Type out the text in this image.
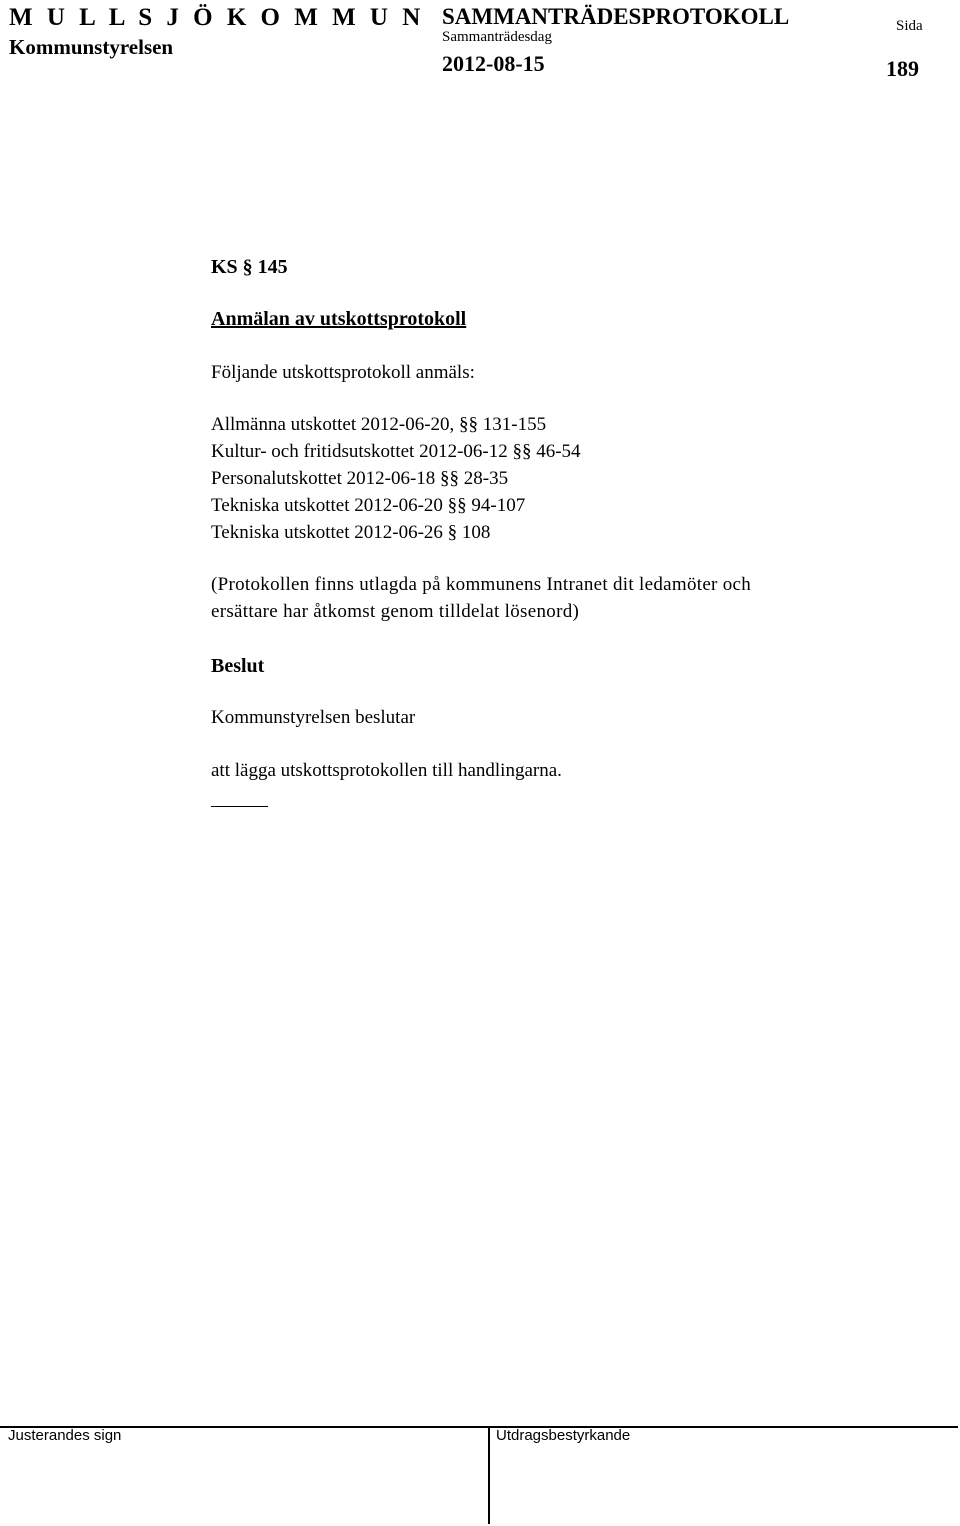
M U L L S J Ö K O M M U N
Kommunstyrelsen
SAMMANTRÄDESPROTOKOLL
Sammanträdesdag
2012-08-15
Sida
189
KS § 145
Anmälan av utskottsprotokoll
Följande utskottsprotokoll anmäls:
Allmänna utskottet 2012-06-20, §§ 131-155
Kultur- och fritidsutskottet 2012-06-12 §§ 46-54
Personalutskottet 2012-06-18 §§ 28-35
Tekniska utskottet 2012-06-20 §§ 94-107
Tekniska utskottet 2012-06-26 § 108
(Protokollen finns utlagda på kommunens Intranet dit ledamöter och
ersättare har åtkomst genom tilldelat lösenord)
Beslut
Kommunstyrelsen beslutar
att lägga utskottsprotokollen till handlingarna.
Justerandes sign	Utdragsbestyrkande
